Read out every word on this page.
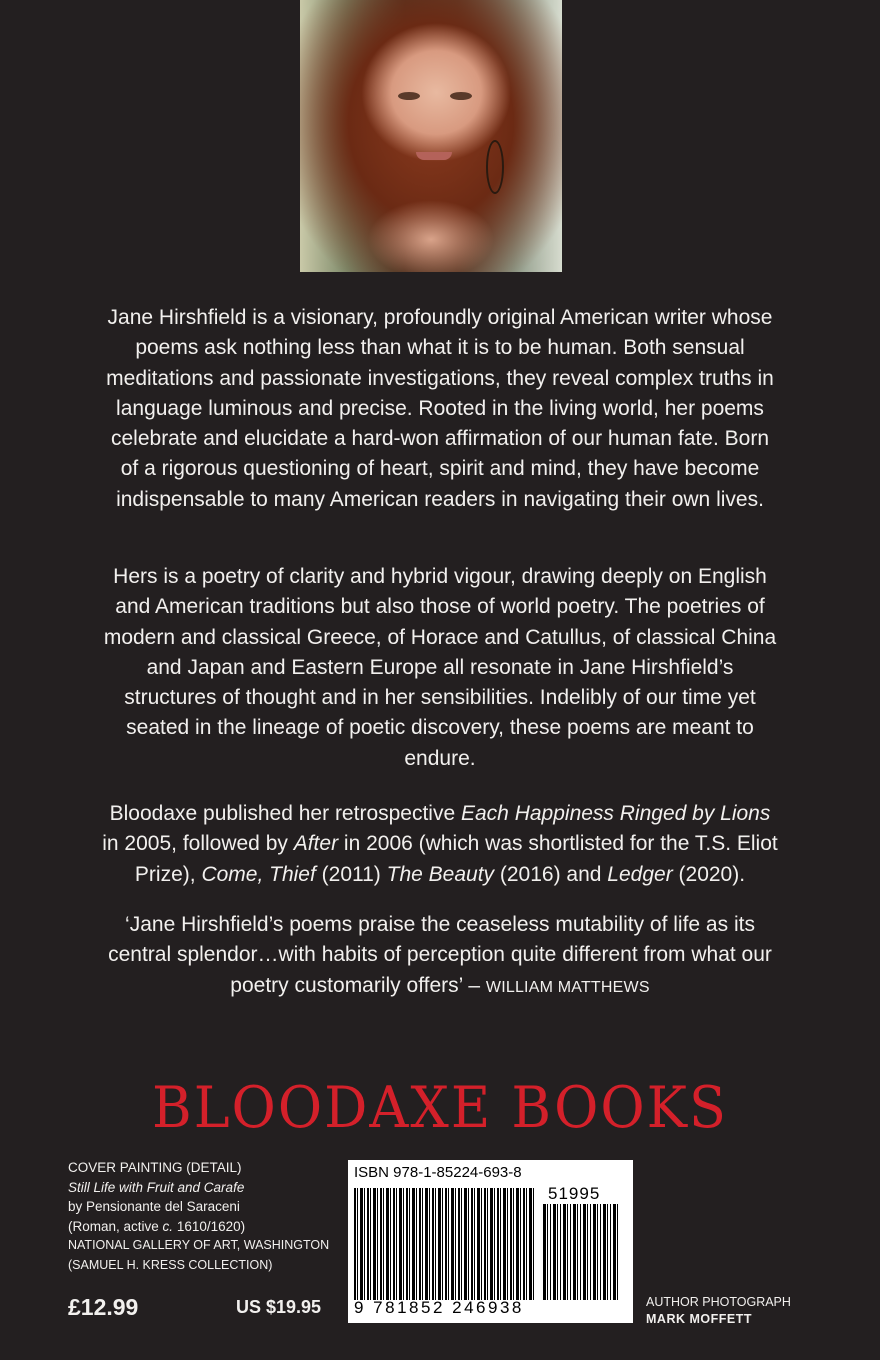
Jane Hirshfield is a visionary, profoundly original American writer whose poems ask nothing less than what it is to be human. Both sensual meditations and passionate investigations, they reveal complex truths in language luminous and precise. Rooted in the living world, her poems celebrate and elucidate a hard-won affirmation of our human fate. Born of a rigorous questioning of heart, spirit and mind, they have become indispensable to many American readers in navigating their own lives.

Hers is a poetry of clarity and hybrid vigour, drawing deeply on English and American traditions but also those of world poetry. The poetries of modern and classical Greece, of Horace and Catullus, of classical China and Japan and Eastern Europe all resonate in Jane Hirshfield’s structures of thought and in her sensibilities. Indelibly of our time yet seated in the lineage of poetic discovery, these poems are meant to endure.

Bloodaxe published her retrospective Each Happiness Ringed by Lions in 2005, followed by After in 2006 (which was shortlisted for the T.S. Eliot Prize), Come, Thief (2011) The Beauty (2016) and Ledger (2020).

‘Jane Hirshfield’s poems praise the ceaseless mutability of life as its central splendor…with habits of perception quite different from what our poetry customarily offers’ – WILLIAM MATTHEWS

BLOODAXE BOOKS
COVER PAINTING (DETAIL)
Still Life with Fruit and Carafe
by Pensionante del Saraceni
(Roman, active c. 1610/1620)
NATIONAL GALLERY OF ART, WASHINGTON
(SAMUEL H. KRESS COLLECTION)
£12.99	US $19.95
ISBN 978-1-85224-693-8
51995
9 781852 246938	AUTHOR PHOTOGRAPH
MARK MOFFETT
